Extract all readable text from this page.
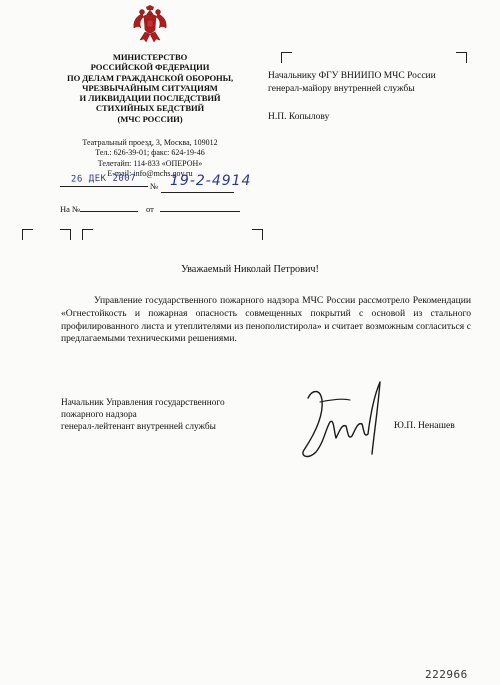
МИНИСТЕРСТВО
РОССИЙСКОЙ ФЕДЕРАЦИИ
ПО ДЕЛАМ ГРАЖДАНСКОЙ ОБОРОНЫ,
ЧРЕЗВЫЧАЙНЫМ СИТУАЦИЯМ
И ЛИКВИДАЦИИ ПОСЛЕДСТВИЙ
СТИХИЙНЫХ БЕДСТВИЙ
(МЧС РОССИИ)
Театральный проезд, 3, Москва, 109012
Тел.: 626-39-01; факс: 624-19-46
Телетайп: 114-833 «ОПЕРОН»
E-mail: info@mchs.gov.ru
26 ДЕК 2007
№ 19-2-4914
На №	от
Начальнику ФГУ ВНИИПО МЧС России
генерал-майору внутренней службы
Н.П. Копылову
Уважаемый Николай Петрович!
Управление государственного пожарного надзора МЧС России рассмотрело Рекомендации «Огнестойкость и пожарная опасность совмещенных покрытий с основой из стального профилированного листа и утеплителями из пенополистирола» и считает возможным согласиться с предлагаемыми техническими решениями.
Начальник Управления государственного
пожарного надзора
генерал-лейтенант внутренней службы	Ю.П. Ненашев
222966
